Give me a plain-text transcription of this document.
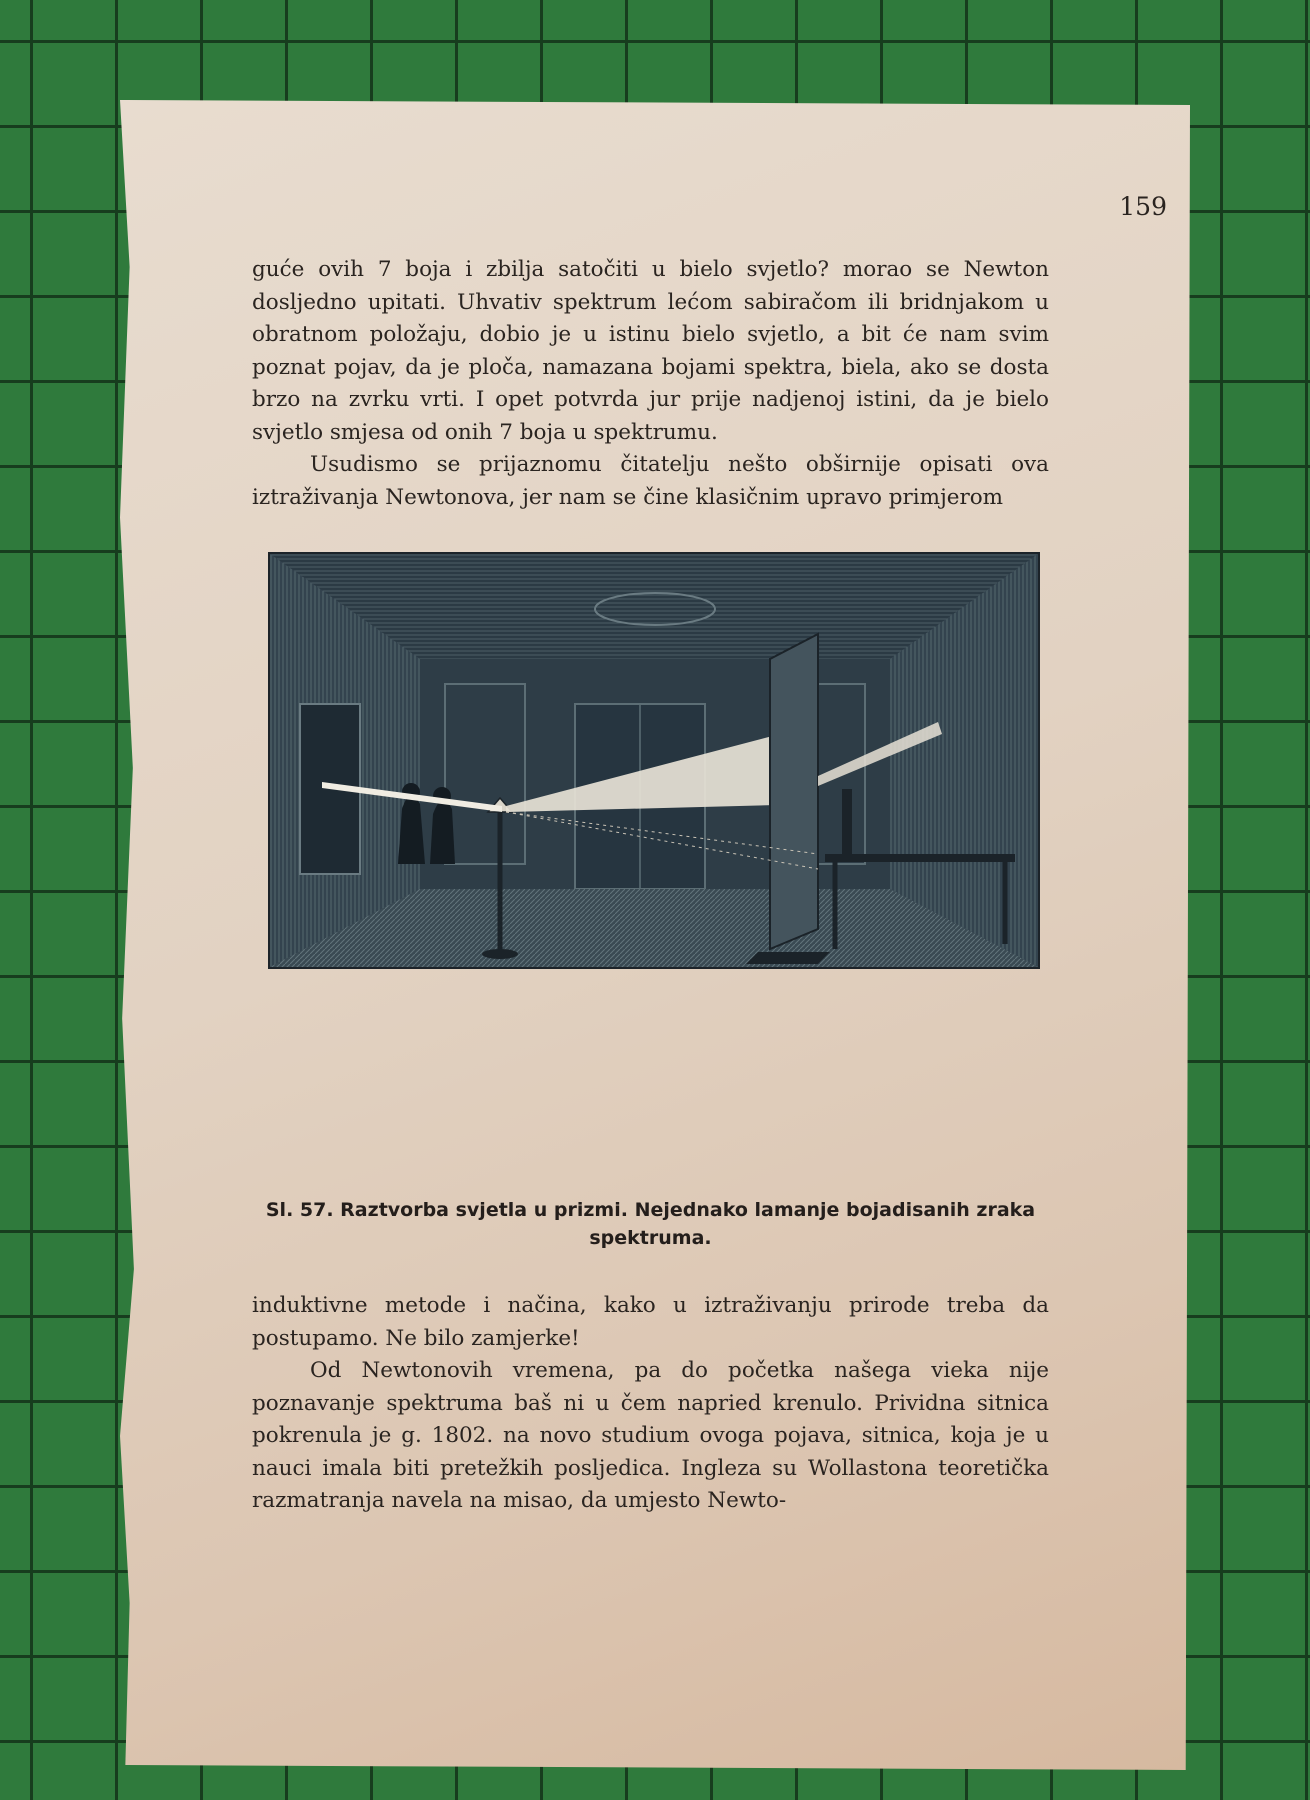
159

guće ovih 7 boja i zbilja satočiti u bielo svjetlo? morao se Newton dosljedno upitati. Uhvativ spektrum lećom sabiračom ili bridnjakom u obratnom položaju, dobio je u istinu bielo svjetlo, a bit će nam svim poznat pojav, da je ploča, namazana bojami spektra, biela, ako se dosta brzo na zvrku vrti. I opet potvrda jur prije nadjenoj istini, da je bielo svjetlo smjesa od onih 7 boja u spektrumu.

Usudismo se prijaznomu čitatelju nešto obširnije opisati ova iztraživanja Newtonova, jer nam se čine klasičnim upravo primjerom

Sl. 57. Raztvorba svjetla u prizmi. Nejednako lamanje bojadisanih zraka spektruma.

induktivne metode i načina, kako u iztraživanju prirode treba da postupamo. Ne bilo zamjerke!

Od Newtonovih vremena, pa do početka našega vieka nije poznavanje spektruma baš ni u čem napried krenulo. Prividna sitnica pokrenula je g. 1802. na novo studium ovoga pojava, sitnica, koja je u nauci imala biti pretežkih posljedica. Ingleza su Wollastona teoretička razmatranja navela na misao, da umjesto Newto-
